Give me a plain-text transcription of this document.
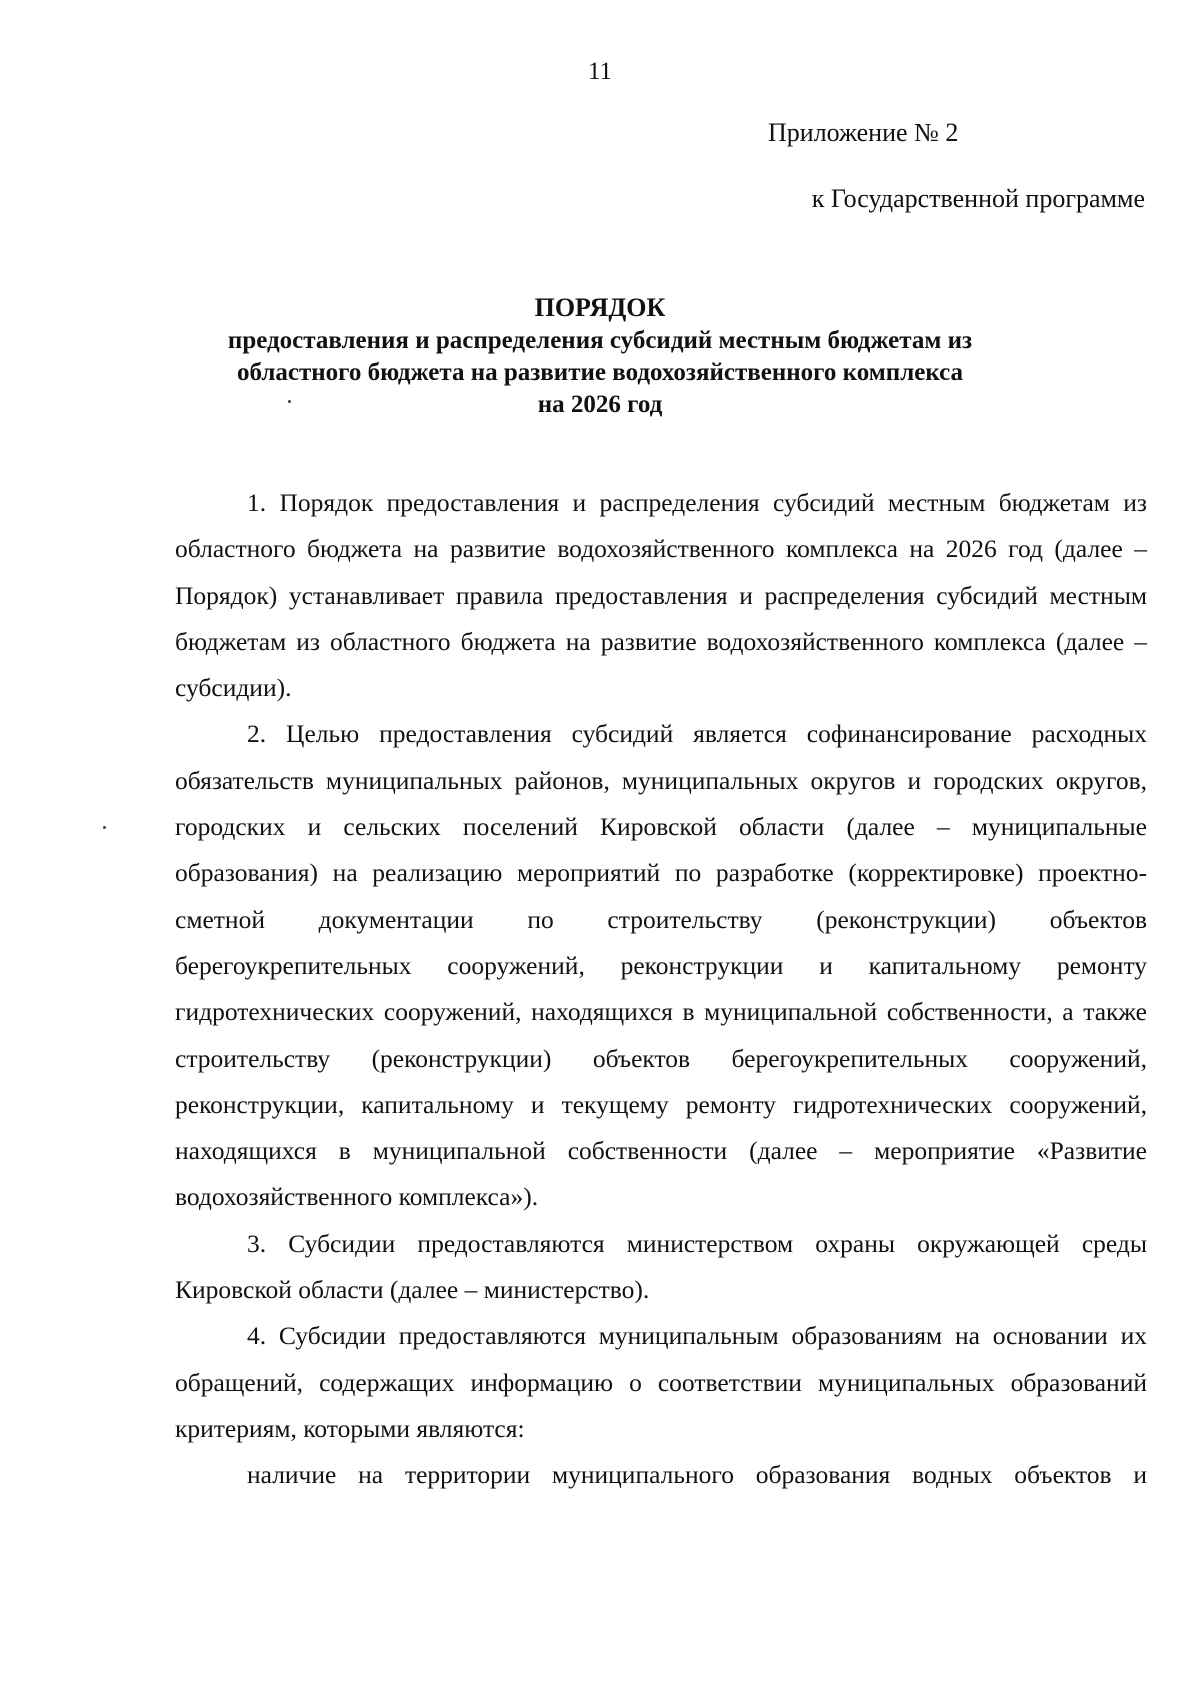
11
Приложение № 2
к Государственной программе
ПОРЯДОК
предоставления и распределения субсидий местным бюджетам из
областного бюджета на развитие водохозяйственного комплекса
на 2026 год

1. Порядок предоставления и распределения субсидий местным бюджетам из областного бюджета на развитие водохозяйственного комплекса на 2026 год (далее – Порядок) устанавливает правила предоставления и распределения субсидий местным бюджетам из областного бюджета на развитие водохозяйственного комплекса (далее – субсидии).

2. Целью предоставления субсидий является софинансирование расходных обязательств муниципальных районов, муниципальных округов и городских округов, городских и сельских поселений Кировской области (далее – муниципальные образования) на реализацию мероприятий по разработке (корректировке) проектно-сметной документации по строительству (реконструкции) объектов берегоукрепительных сооружений, реконструкции и капитальному ремонту гидротехнических сооружений, находящихся в муниципальной собственности, а также строительству (реконструкции) объектов берегоукрепительных сооружений, реконструкции, капитальному и текущему ремонту гидротехнических сооружений, находящихся в муниципальной собственности (далее – мероприятие «Развитие водохозяйственного комплекса»).

3. Субсидии предоставляются министерством охраны окружающей среды Кировской области (далее – министерство).

4. Субсидии предоставляются муниципальным образованиям на основании их обращений, содержащих информацию о соответствии муниципальных образований критериям, которыми являются:

наличие на территории муниципального образования водных объектов и
